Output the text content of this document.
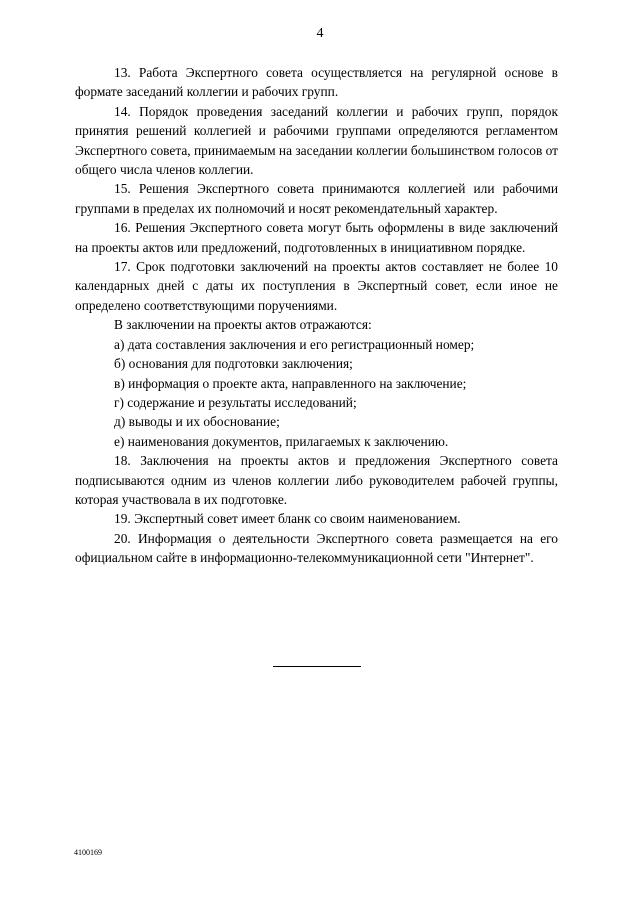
4

13. Работа Экспертного совета осуществляется на регулярной основе в формате заседаний коллегии и рабочих групп.

14. Порядок проведения заседаний коллегии и рабочих групп, порядок принятия решений коллегией и рабочими группами определяются регламентом Экспертного совета, принимаемым на заседании коллегии большинством голосов от общего числа членов коллегии.

15. Решения Экспертного совета принимаются коллегией или рабочими группами в пределах их полномочий и носят рекомендательный характер.

16. Решения Экспертного совета могут быть оформлены в виде заключений на проекты актов или предложений, подготовленных в инициативном порядке.

17. Срок подготовки заключений на проекты актов составляет не более 10 календарных дней с даты их поступления в Экспертный совет, если иное не определено соответствующими поручениями.

В заключении на проекты актов отражаются:

а) дата составления заключения и его регистрационный номер;

б) основания для подготовки заключения;

в) информация о проекте акта, направленного на заключение;

г) содержание и результаты исследований;

д) выводы и их обоснование;

е) наименования документов, прилагаемых к заключению.

18. Заключения на проекты актов и предложения Экспертного совета подписываются одним из членов коллегии либо руководителем рабочей группы, которая участвовала в их подготовке.

19. Экспертный совет имеет бланк со своим наименованием.

20. Информация о деятельности Экспертного совета размещается на его официальном сайте в информационно-телекоммуникационной сети "Интернет".

4100169
